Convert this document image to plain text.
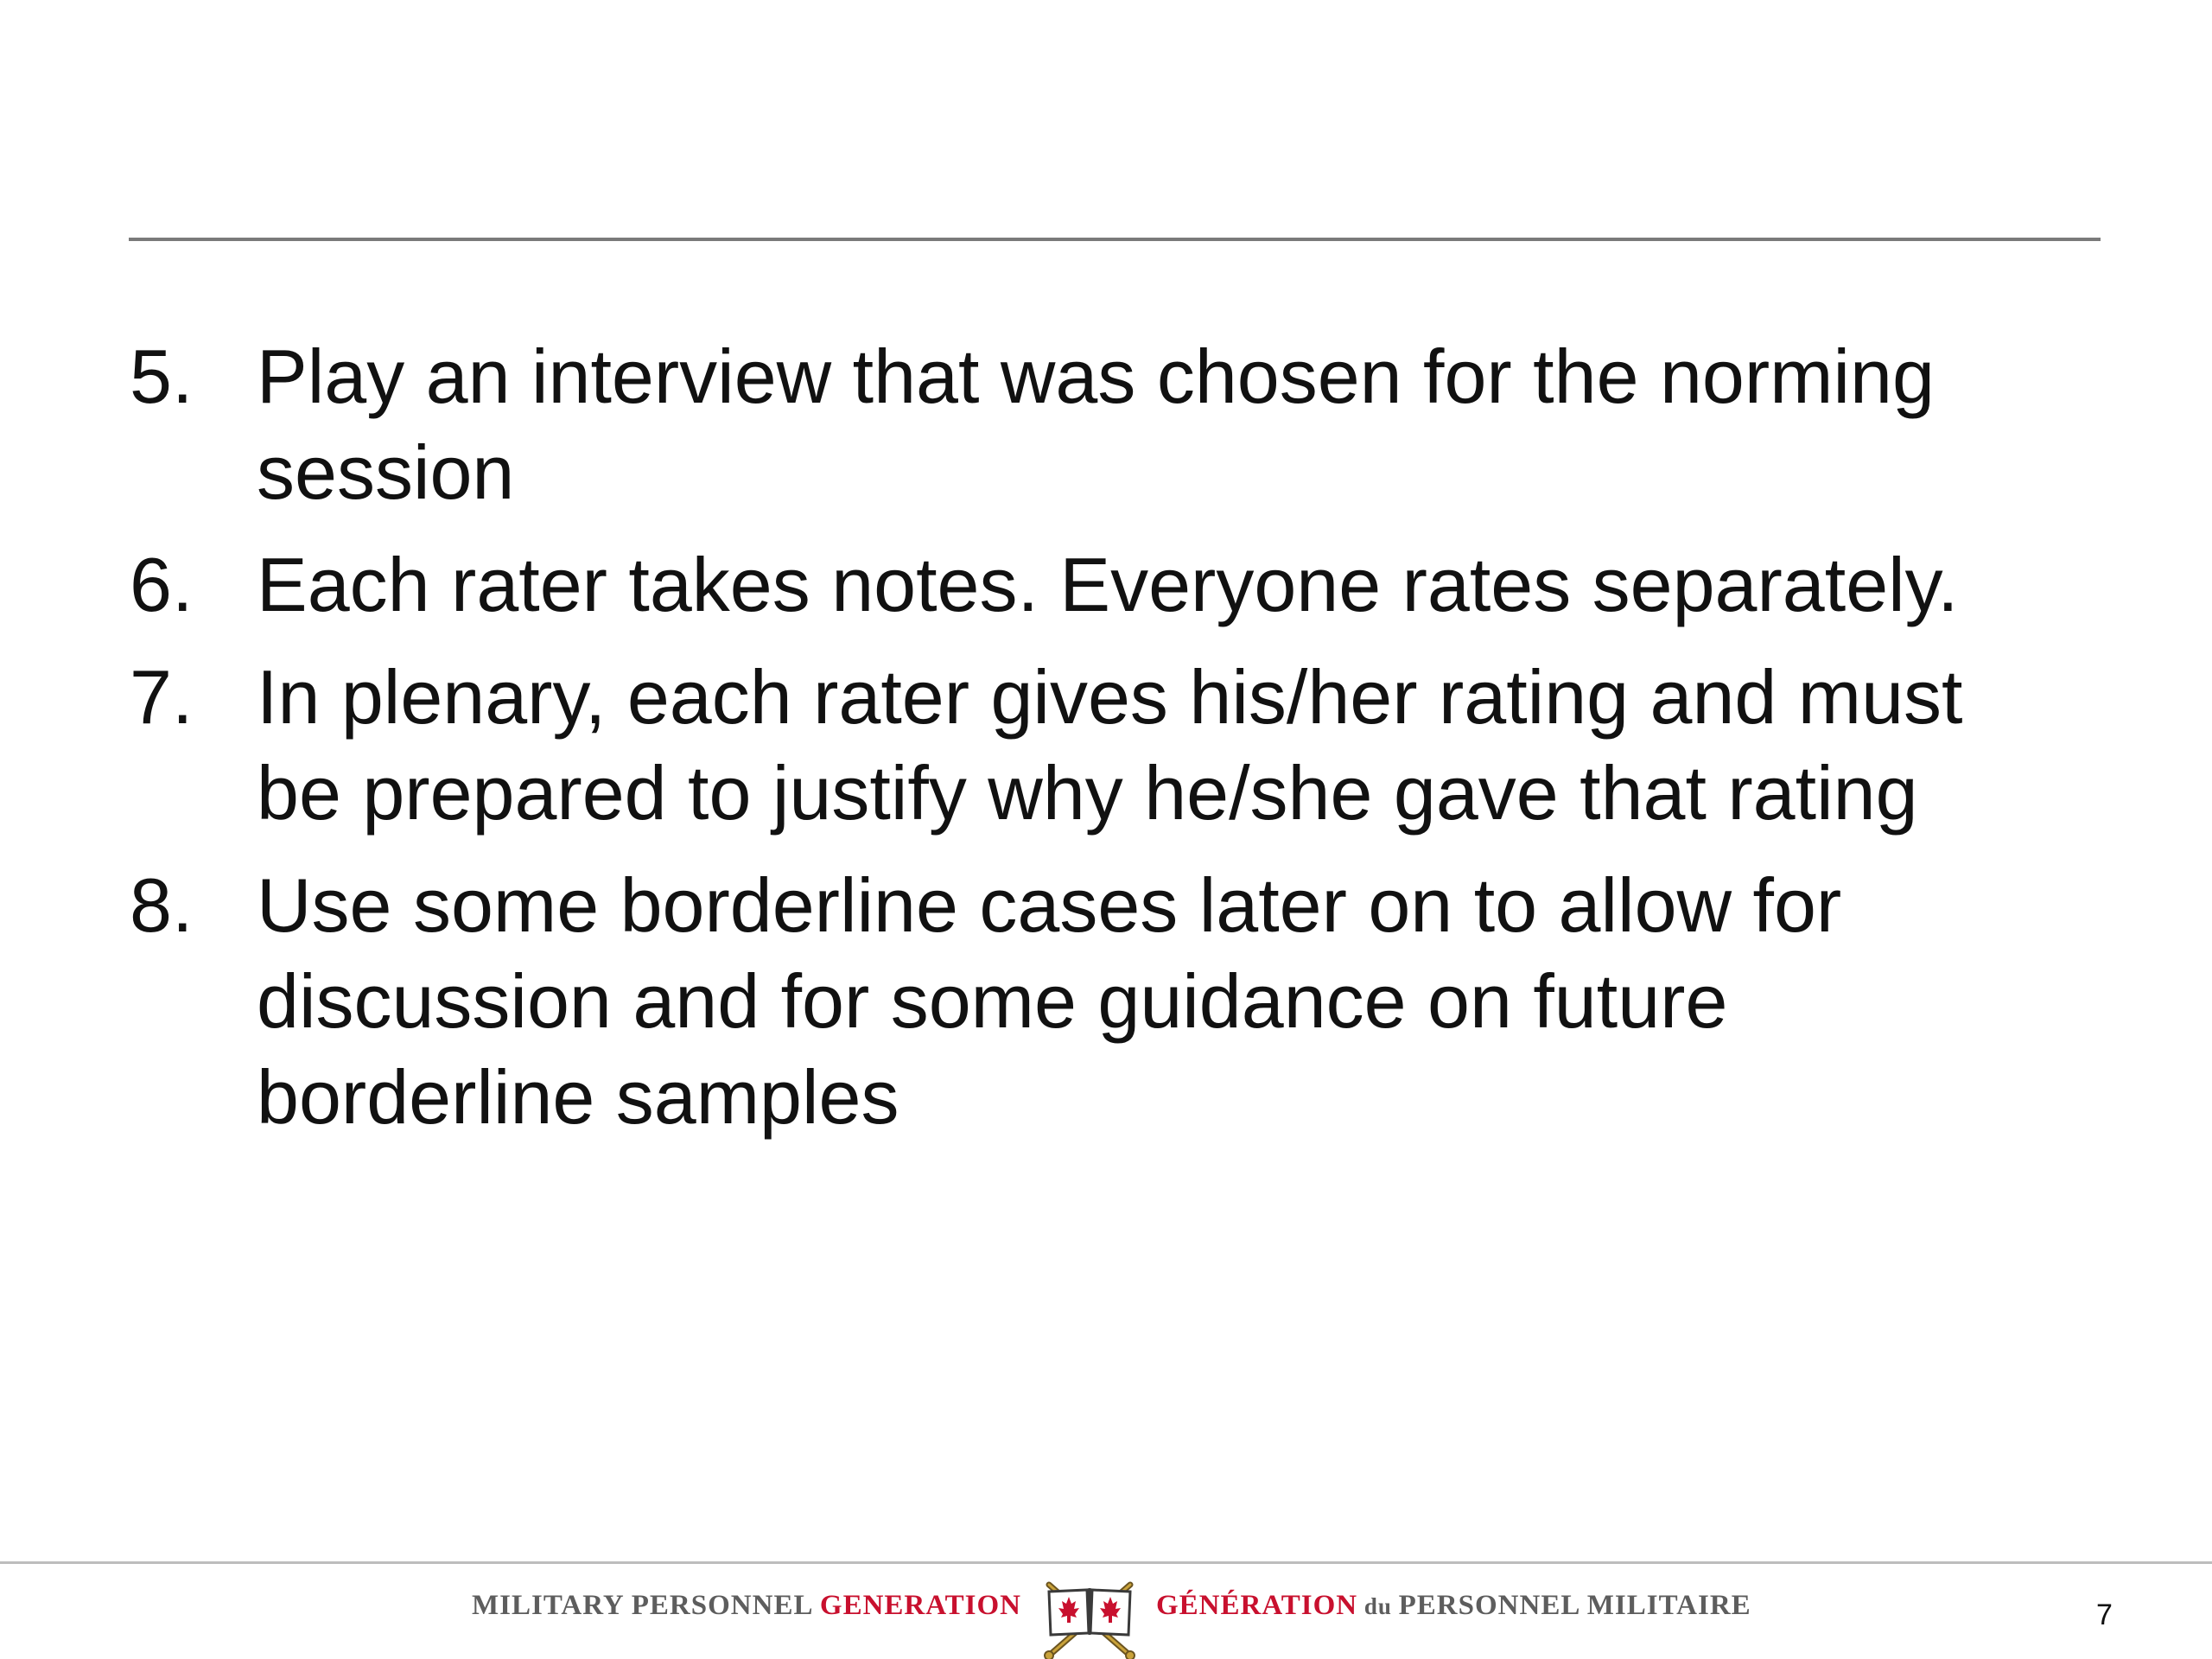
5. Play an interview that was chosen for the norming session
6. Each rater takes notes. Everyone rates separately.
7. In plenary, each rater gives his/her rating and must be prepared to justify why he/she gave that rating
8. Use some borderline cases later on to allow for discussion and for some guidance on future borderline samples
MILITARY PERSONNEL GENERATION	GÉNÉRATION du PERSONNEL MILITAIRE	7
